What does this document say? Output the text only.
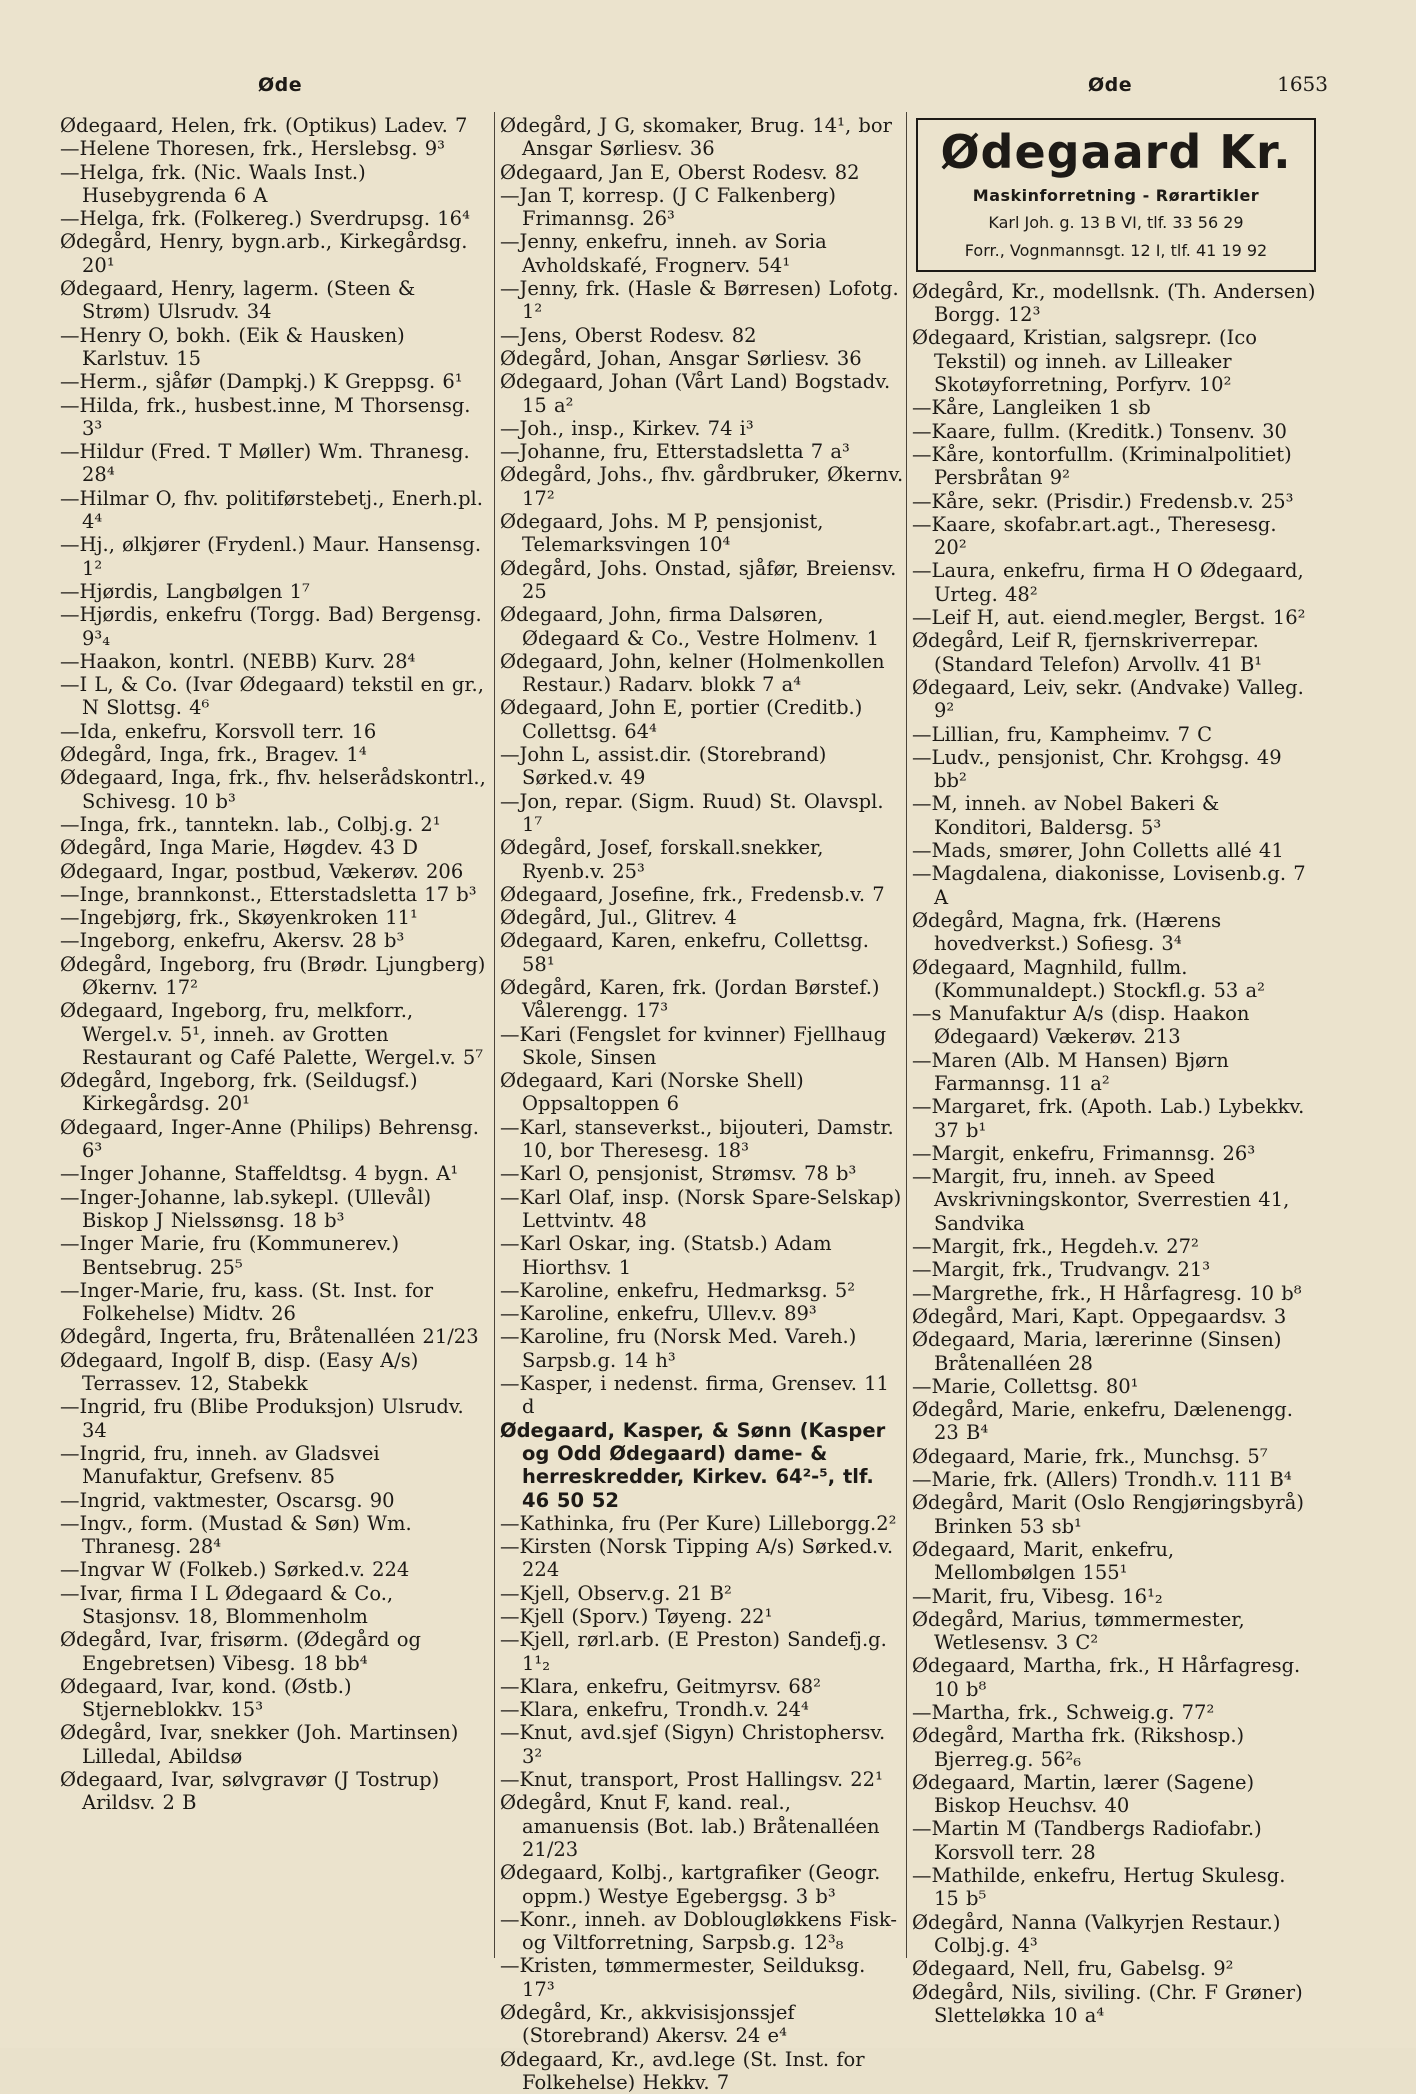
Øde	Øde	1653

Ødegaard, Helen, frk. (Optikus) Ladev. 7

—Helene Thoresen, frk., Herslebsg. 9³

—Helga, frk. (Nic. Waals Inst.) Husebygrenda 6 A

—Helga, frk. (Folkereg.) Sverdrupsg. 16⁴

Ødegård, Henry, bygn.arb., Kirkegårdsg. 20¹

Ødegaard, Henry, lagerm. (Steen & Strøm) Ulsrudv. 34

—Henry O, bokh. (Eik & Hausken) Karlstuv. 15

—Herm., sjåfør (Dampkj.) K Greppsg. 6¹

—Hilda, frk., husbest.inne, M Thorsensg. 3³

—Hildur (Fred. T Møller) Wm. Thranesg. 28⁴

—Hilmar O, fhv. politiførstebetj., Enerh.pl. 4⁴

—Hj., ølkjører (Frydenl.) Maur. Hansensg. 1²

—Hjørdis, Langbølgen 1⁷

—Hjørdis, enkefru (Torgg. Bad) Bergensg. 9³₄

—Haakon, kontrl. (NEBB) Kurv. 28⁴

—I L, & Co. (Ivar Ødegaard) tekstil en gr., N Slottsg. 4⁶

—Ida, enkefru, Korsvoll terr. 16

Ødegård, Inga, frk., Bragev. 1⁴

Ødegaard, Inga, frk., fhv. helserådskontrl., Schivesg. 10 b³

—Inga, frk., tanntekn. lab., Colbj.g. 2¹

Ødegård, Inga Marie, Høgdev. 43 D

Ødegaard, Ingar, postbud, Vækerøv. 206

—Inge, brannkonst., Etterstadsletta 17 b³

—Ingebjørg, frk., Skøyenkroken 11¹

—Ingeborg, enkefru, Akersv. 28 b³

Ødegård, Ingeborg, fru (Brødr. Ljungberg) Økernv. 17²

Ødegaard, Ingeborg, fru, melkforr., Wergel.v. 5¹, inneh. av Grotten Restaurant og Café Palette, Wergel.v. 5⁷

Ødegård, Ingeborg, frk. (Seildugsf.) Kirkegårdsg. 20¹

Ødegaard, Inger-Anne (Philips) Behrensg. 6³

—Inger Johanne, Staffeldtsg. 4 bygn. A¹

—Inger-Johanne, lab.sykepl. (Ullevål) Biskop J Nielssønsg. 18 b³

—Inger Marie, fru (Kommunerev.) Bentsebrug. 25⁵

—Inger-Marie, fru, kass. (St. Inst. for Folkehelse) Midtv. 26

Ødegård, Ingerta, fru, Bråtenalléen 21/23

Ødegaard, Ingolf B, disp. (Easy A/s) Terrassev. 12, Stabekk

—Ingrid, fru (Blibe Produksjon) Ulsrudv. 34

—Ingrid, fru, inneh. av Gladsvei Manufaktur, Grefsenv. 85

—Ingrid, vaktmester, Oscarsg. 90

—Ingv., form. (Mustad & Søn) Wm. Thranesg. 28⁴

—Ingvar W (Folkeb.) Sørked.v. 224

—Ivar, firma I L Ødegaard & Co., Stasjonsv. 18, Blommenholm

Ødegård, Ivar, frisørm. (Ødegård og Engebretsen) Vibesg. 18 bb⁴

Ødegaard, Ivar, kond. (Østb.) Stjerneblokkv. 15³

Ødegård, Ivar, snekker (Joh. Martinsen) Lilledal, Abildsø

Ødegaard, Ivar, sølvgravør (J Tostrup) Arildsv. 2 B

Ødegård, J G, skomaker, Brug. 14¹, bor Ansgar Sørliesv. 36

Ødegaard, Jan E, Oberst Rodesv. 82

—Jan T, korresp. (J C Falkenberg) Frimannsg. 26³

—Jenny, enkefru, inneh. av Soria Avholdskafé, Frognerv. 54¹

—Jenny, frk. (Hasle & Børresen) Lofotg. 1²

—Jens, Oberst Rodesv. 82

Ødegård, Johan, Ansgar Sørliesv. 36

Ødegaard, Johan (Vårt Land) Bogstadv. 15 a²

—Joh., insp., Kirkev. 74 i³

—Johanne, fru, Etterstadsletta 7 a³

Ødegård, Johs., fhv. gårdbruker, Økernv. 17²

Ødegaard, Johs. M P, pensjonist, Telemarksvingen 10⁴

Ødegård, Johs. Onstad, sjåfør, Breiensv. 25

Ødegaard, John, firma Dalsøren, Ødegaard & Co., Vestre Holmenv. 1

Ødegaard, John, kelner (Holmenkollen Restaur.) Radarv. blokk 7 a⁴

Ødegaard, John E, portier (Creditb.) Collettsg. 64⁴

—John L, assist.dir. (Storebrand) Sørked.v. 49

—Jon, repar. (Sigm. Ruud) St. Olavspl. 1⁷

Ødegård, Josef, forskall.snekker, Ryenb.v. 25³

Ødegaard, Josefine, frk., Fredensb.v. 7

Ødegård, Jul., Glitrev. 4

Ødegaard, Karen, enkefru, Collettsg. 58¹

Ødegård, Karen, frk. (Jordan Børstef.) Vålerengg. 17³

—Kari (Fengslet for kvinner) Fjellhaug Skole, Sinsen

Ødegaard, Kari (Norske Shell) Oppsaltoppen 6

—Karl, stanseverkst., bijouteri, Damstr. 10, bor Theresesg. 18³

—Karl O, pensjonist, Strømsv. 78 b³

—Karl Olaf, insp. (Norsk Spare-Selskap) Lettvintv. 48

—Karl Oskar, ing. (Statsb.) Adam Hiorthsv. 1

—Karoline, enkefru, Hedmarksg. 5²

—Karoline, enkefru, Ullev.v. 89³

—Karoline, fru (Norsk Med. Vareh.) Sarpsb.g. 14 h³

—Kasper, i nedenst. firma, Grensev. 11 d

Ødegaard, Kasper, & Sønn (Kasper og Odd Ødegaard) dame- & herreskredder, Kirkev. 64²-⁵, tlf. 46 50 52

—Kathinka, fru (Per Kure) Lilleborgg.2²

—Kirsten (Norsk Tipping A/s) Sørked.v. 224

—Kjell, Observ.g. 21 B²

—Kjell (Sporv.) Tøyeng. 22¹

—Kjell, rørl.arb. (E Preston) Sandefj.g. 1¹₂

—Klara, enkefru, Geitmyrsv. 68²

—Klara, enkefru, Trondh.v. 24⁴

—Knut, avd.sjef (Sigyn) Christophersv. 3²

—Knut, transport, Prost Hallingsv. 22¹

Ødegård, Knut F, kand. real., amanuensis (Bot. lab.) Bråtenalléen 21/23

Ødegaard, Kolbj., kartgrafiker (Geogr. oppm.) Westye Egebergsg. 3 b³

—Konr., inneh. av Doblougløkkens Fisk- og Viltforretning, Sarpsb.g. 12³₈

—Kristen, tømmermester, Seilduksg. 17³

Ødegård, Kr., akkvisisjonssjef (Storebrand) Akersv. 24 e⁴

Ødegaard, Kr., avd.lege (St. Inst. for Folkehelse) Hekkv. 7

Ødegaard Kr.
Maskinforretning - Rørartikler
Karl Joh. g. 13 B VI, tlf. 33 56 29
Forr., Vognmannsgt. 12 I, tlf. 41 19 92

Ødegård, Kr., modellsnk. (Th. Andersen) Borgg. 12³

Ødegaard, Kristian, salgsrepr. (Ico Tekstil) og inneh. av Lilleaker Skotøyforretning, Porfyrv. 10²

—Kåre, Langleiken 1 sb

—Kaare, fullm. (Kreditk.) Tonsenv. 30

—Kåre, kontorfullm. (Kriminalpolitiet) Persbråtan 9²

—Kåre, sekr. (Prisdir.) Fredensb.v. 25³

—Kaare, skofabr.art.agt., Theresesg. 20²

—Laura, enkefru, firma H O Ødegaard, Urteg. 48²

—Leif H, aut. eiend.megler, Bergst. 16²

Ødegård, Leif R, fjernskriverrepar. (Standard Telefon) Arvollv. 41 B¹

Ødegaard, Leiv, sekr. (Andvake) Valleg. 9²

—Lillian, fru, Kampheimv. 7 C

—Ludv., pensjonist, Chr. Krohgsg. 49 bb²

—M, inneh. av Nobel Bakeri & Konditori, Baldersg. 5³

—Mads, smører, John Colletts allé 41

—Magdalena, diakonisse, Lovisenb.g. 7 A

Ødegård, Magna, frk. (Hærens hovedverkst.) Sofiesg. 3⁴

Ødegaard, Magnhild, fullm. (Kommunaldept.) Stockfl.g. 53 a²

—s Manufaktur A/s (disp. Haakon Ødegaard) Vækerøv. 213

—Maren (Alb. M Hansen) Bjørn Farmannsg. 11 a²

—Margaret, frk. (Apoth. Lab.) Lybekkv. 37 b¹

—Margit, enkefru, Frimannsg. 26³

—Margit, fru, inneh. av Speed Avskrivningskontor, Sverrestien 41, Sandvika

—Margit, frk., Hegdeh.v. 27²

—Margit, frk., Trudvangv. 21³

—Margrethe, frk., H Hårfagresg. 10 b⁸

Ødegård, Mari, Kapt. Oppegaardsv. 3

Ødegaard, Maria, lærerinne (Sinsen) Bråtenalléen 28

—Marie, Collettsg. 80¹

Ødegård, Marie, enkefru, Dælenengg. 23 B⁴

Ødegaard, Marie, frk., Munchsg. 5⁷

—Marie, frk. (Allers) Trondh.v. 111 B⁴

Ødegård, Marit (Oslo Rengjøringsbyrå) Brinken 53 sb¹

Ødegaard, Marit, enkefru, Mellombølgen 155¹

—Marit, fru, Vibesg. 16¹₂

Ødegård, Marius, tømmermester, Wetlesensv. 3 C²

Ødegaard, Martha, frk., H Hårfagresg. 10 b⁸

—Martha, frk., Schweig.g. 77²

Ødegård, Martha frk. (Rikshosp.) Bjerreg.g. 56²₆

Ødegaard, Martin, lærer (Sagene) Biskop Heuchsv. 40

—Martin M (Tandbergs Radiofabr.) Korsvoll terr. 28

—Mathilde, enkefru, Hertug Skulesg. 15 b⁵

Ødegård, Nanna (Valkyrjen Restaur.) Colbj.g. 4³

Ødegaard, Nell, fru, Gabelsg. 9²

Ødegård, Nils, siviling. (Chr. F Grøner) Sletteløkka 10 a⁴
